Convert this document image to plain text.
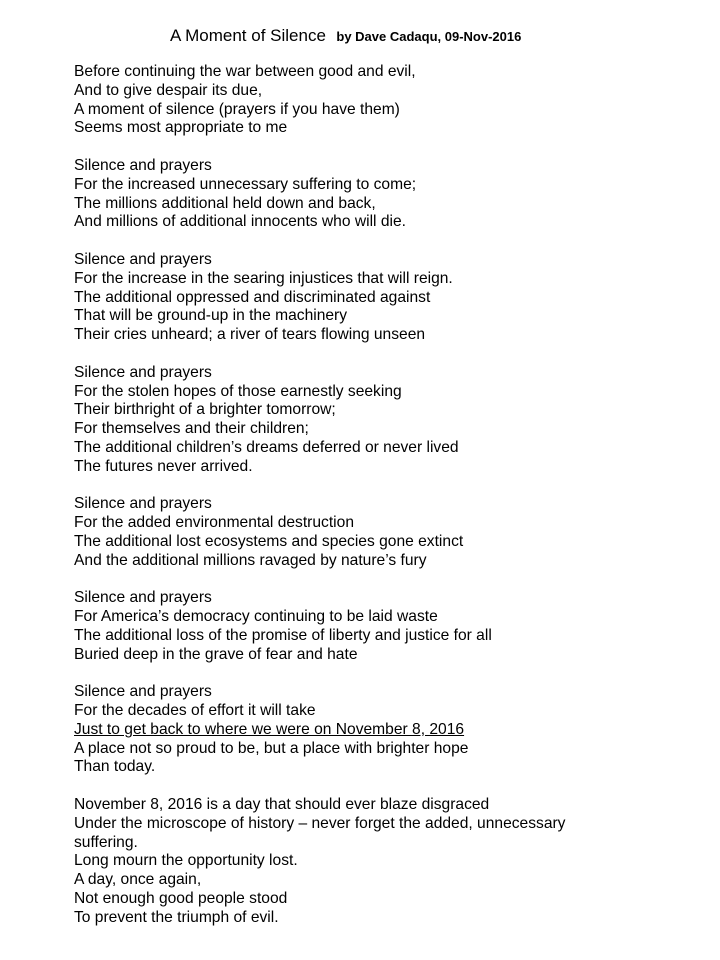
A Moment of Silence by Dave Cadaqu, 09-Nov-2016
Before continuing the war between good and evil,
And to give despair its due,
A moment of silence (prayers if you have them)
Seems most appropriate to me
Silence and prayers
For the increased unnecessary suffering to come;
The millions additional held down and back,
And millions of additional innocents who will die.
Silence and prayers
For the increase in the searing injustices that will reign.
The additional oppressed and discriminated against
That will be ground-up in the machinery
Their cries unheard; a river of tears flowing unseen
Silence and prayers
For the stolen hopes of those earnestly seeking
Their birthright of a brighter tomorrow;
For themselves and their children;
The additional children’s dreams deferred or never lived
The futures never arrived.
Silence and prayers
For the added environmental destruction
The additional lost ecosystems and species gone extinct
And the additional millions ravaged by nature’s fury
Silence and prayers
For America’s democracy continuing to be laid waste
The additional loss of the promise of liberty and justice for all
Buried deep in the grave of fear and hate
Silence and prayers
For the decades of effort it will take
Just to get back to where we were on November 8, 2016
A place not so proud to be, but a place with brighter hope
Than today.
November 8, 2016 is a day that should ever blaze disgraced
Under the microscope of history – never forget the added, unnecessary
suffering.
Long mourn the opportunity lost.
A day, once again,
Not enough good people stood
To prevent the triumph of evil.
